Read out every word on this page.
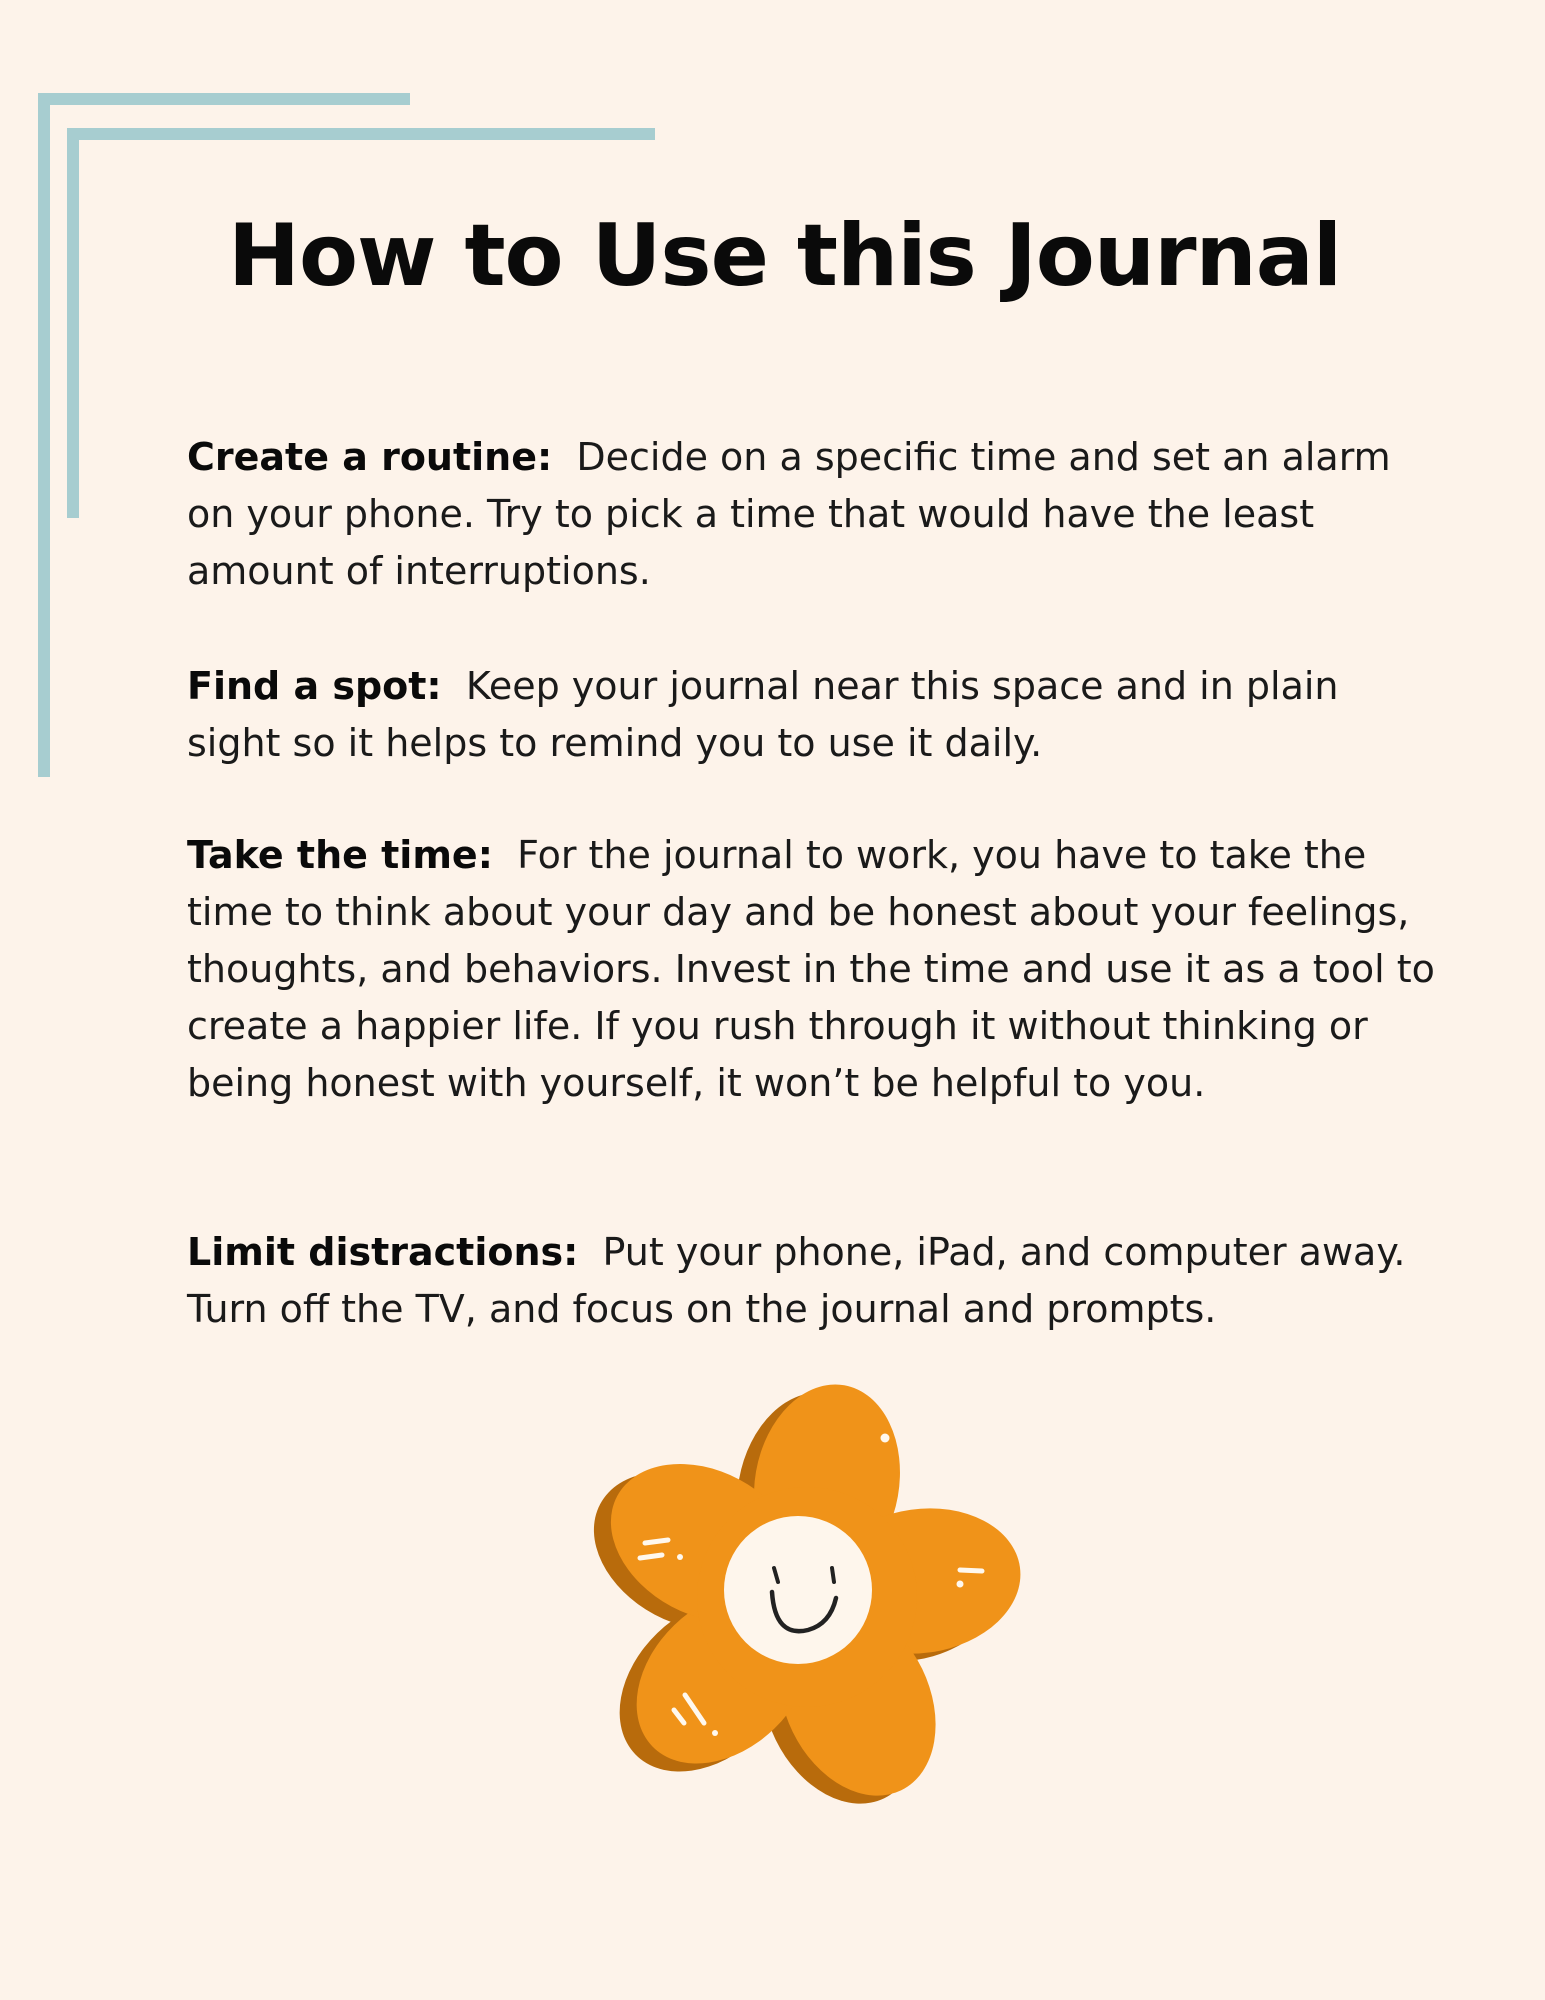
How to Use this Journal

Create a routine: Decide on a specific time and set an alarm on your phone. Try to pick a time that would have the least amount of interruptions.

Find a spot: Keep your journal near this space and in plain sight so it helps to remind you to use it daily.

Take the time: For the journal to work, you have to take the time to think about your day and be honest about your feelings, thoughts, and behaviors. Invest in the time and use it as a tool to create a happier life. If you rush through it without thinking or being honest with yourself, it won’t be helpful to you.

Limit distractions: Put your phone, iPad, and computer away. Turn off the TV, and focus on the journal and prompts.
